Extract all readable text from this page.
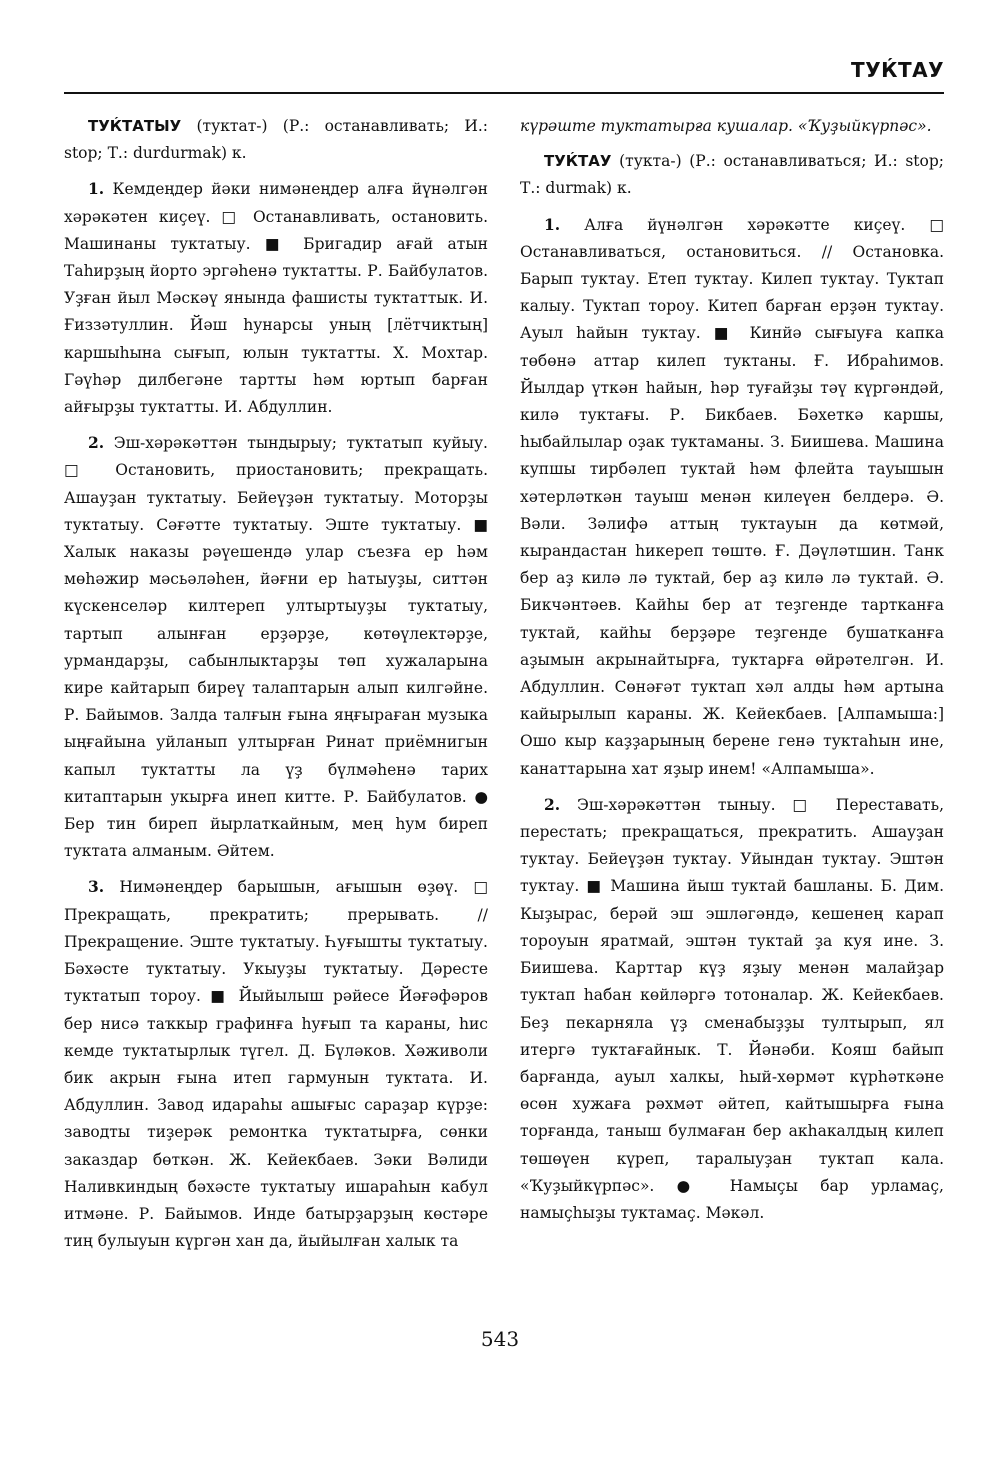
ТУЌТАУ

ТУЌТАТЫУ (туктат-) (Р.: останавливать; И.: stop; Т.: durdurmak) к.

1. Кемдеңдер йәки нимәнеңдер алға йүнәлгән хәрәкәтен киҫеү. □ Останавливать, остановить. Машинаны туктатыу. ■ Бригадир ағай атын Таһирҙың йорто эргәһенә туктатты. Р. Байбулатов. Уҙған йыл Мәскәү янында фашисты туктаттык. И. Ғиззәтуллин. Йәш һунарсы уның [лётчиктың] каршыһына сығып, юлын туктатты. Х. Мохтар. Гәүһәр дилбегәне тартты һәм юртып барған айғырҙы туктатты. И. Абдуллин.

2. Эш-хәрәкәттән тындырыу; туктатып куйыу. □ Остановить, приостановить; прекращать. Ашауҙан туктатыу. Бейеүҙән туктатыу. Моторҙы туктатыу. Сәғәтте туктатыу. Эште туктатыу. ■ Халык наказы рәүешендә улар съезға ер һәм мөһәжир мәсьәләһен, йәғни ер һатыуҙы, ситтән күскенселәр килтереп ултыртыуҙы туктатыу, тартып алынған ерҙәрҙе, көтөүлектәрҙе, урмандарҙы, сабынлыктарҙы төп хужаларына кире кайтарып биреү талаптарын алып килгәйне. Р. Байымов. Залда талғын ғына яңғыраған музыка ыңғайына уйланып ултырған Ринат приёмнигын капыл туктатты ла үҙ бүлмәһенә тарих китаптарын укырға инеп китте. Р. Байбулатов. ● Бер тин биреп йырлаткайным, мең һум биреп туктата алманым. Әйтем.

3. Нимәнеңдер барышын, ағышын өҙөү. □ Прекращать, прекратить; прерывать. // Прекращение. Эште туктатыу. Һуғышты туктатыу. Бәхәсте туктатыу. Укыуҙы туктатыу. Дәресте туктатып тороу. ■ Йыйылыш рәйесе Йәғәфәров бер нисә таҡкыр графинға һуғып та караны, һис кемде туктатырлык түгел. Д. Бүләков. Хәживоли бик акрын ғына итеп гармунын туктата. И. Абдуллин. Завод идараһы ашығыс сараҙар күрҙе: заводты тиҙерәк ремонтка туктатырға, сөнки заказдар бөткән. Ж. Кейекбаев. Зәки Вәлиди Наливкиндың бәхәсте туктатыу ишараһын кабул итмәне. Р. Байымов. Инде батырҙарҙың көстәре тиң булыуын күргән хан да, йыйылған халык та

күрәште туктатырға кушалар. «Ҡуҙыйкүрпәс».

ТУЌТАУ (тукта-) (Р.: останавливаться; И.: stop; Т.: durmak) к.

1. Алға йүнәлгән хәрәкәтте киҫеү. □ Останавливаться, остановиться. // Остановка. Барып туктау. Етеп туктау. Килеп туктау. Туктап калыу. Туктап тороу. Китеп барған ерҙән туктау. Ауыл һайын туктау. ■ Кинйә сығыуға капка төбөнә аттар килеп туктаны. Ғ. Ибраһимов. Йылдар үткән һайын, һәр туғайҙы тәү күргәндәй, килә туктағы. Р. Бикбаев. Бәхеткә каршы, һыбайлылар оҙак туктаманы. З. Биишева. Машина купшы тирбәлеп туктай һәм флейта тауышын хәтерләткән тауыш менән килеүен белдерә. Ә. Вәли. Зәлифә аттың туктауын да көтмәй, кырандастан һикереп төштө. Ғ. Дәүләтшин. Танк бер аҙ килә лә туктай, бер аҙ килә лә туктай. Ә. Бикчәнтәев. Кайһы бер ат теҙгенде тартканға туктай, кайһы берҙәре теҙгенде бушатканға аҙымын акрынайтырға, туктарға өйрәтелгән. И. Абдуллин. Сөнәғәт туктап хәл алды һәм артына кайырылып караны. Ж. Кейекбаев. [Алпамыша:] Ошо кыр каҙҙарының берене генә туктаһын ине, канаттарына хат яҙыр инем! «Алпамыша».

2. Эш-хәрәкәттән тыныу. □ Переставать, перестать; прекращаться, прекратить. Ашауҙан туктау. Бейеүҙән туктау. Уйындан туктау. Эштән туктау. ■ Машина йыш туктай башланы. Б. Дим. Кыҙырас, берәй эш эшләгәндә, кешенең карап тороуын яратмай, эштән туктай ҙа куя ине. З. Биишева. Карттар күҙ яҙыу менән малайҙар туктап һабан көйләргә тотоналар. Ж. Кейекбаев. Беҙ пекарняла үҙ сменабыҙҙы тултырып, ял итергә туктағайнык. Т. Йәнәби. Кояш байып барғанда, ауыл халкы, һый-хөрмәт күрһәткәне өсөн хужаға рәхмәт әйтеп, кайтышырға ғына торғанда, таныш булмаған бер акһакалдың килеп төшөүен күреп, таралыуҙан туктап кала. «Ҡуҙыйкүрпәс». ● Намыҫы бар урламаҫ, намыҫһыҙы туктамаҫ. Мәкәл.

543
